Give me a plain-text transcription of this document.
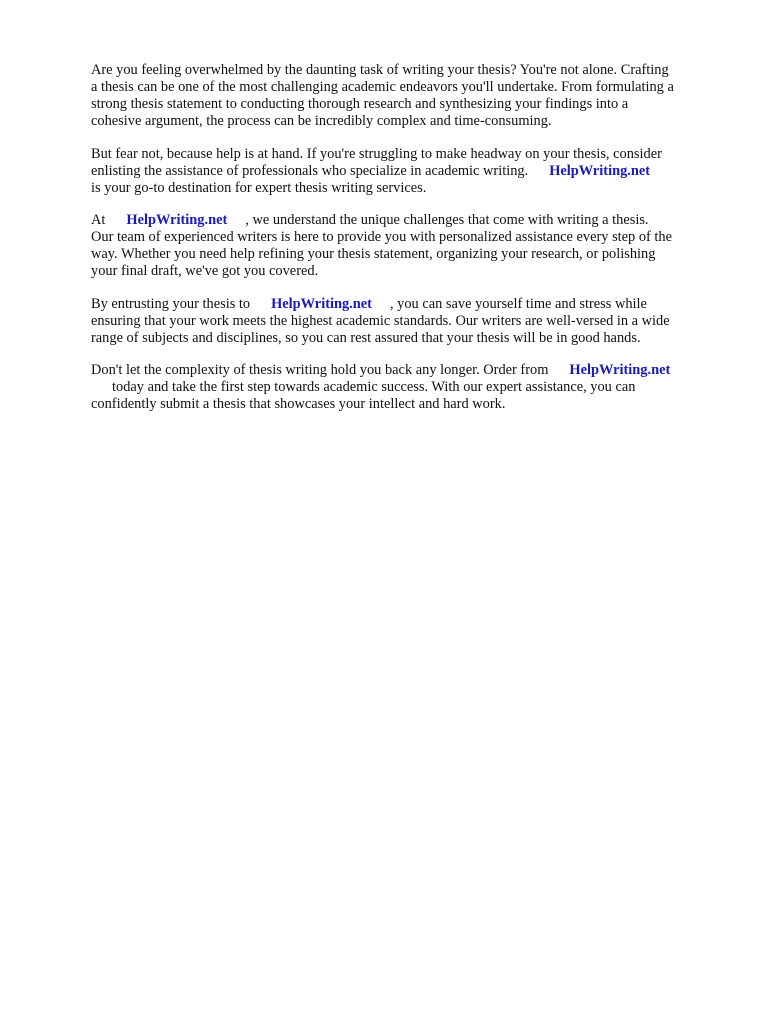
Are you feeling overwhelmed by the daunting task of writing your thesis? You're not alone. Crafting
a thesis can be one of the most challenging academic endeavors you'll undertake. From formulating a
strong thesis statement to conducting thorough research and synthesizing your findings into a
cohesive argument, the process can be incredibly complex and time-consuming.

But fear not, because help is at hand. If you're struggling to make headway on your thesis, consider
enlisting the assistance of professionals who specialize in academic writing. HelpWriting.net
is your go-to destination for expert thesis writing services.

At HelpWriting.net , we understand the unique challenges that come with writing a thesis.
Our team of experienced writers is here to provide you with personalized assistance every step of the
way. Whether you need help refining your thesis statement, organizing your research, or polishing
your final draft, we've got you covered.

By entrusting your thesis to HelpWriting.net , you can save yourself time and stress while
ensuring that your work meets the highest academic standards. Our writers are well-versed in a wide
range of subjects and disciplines, so you can rest assured that your thesis will be in good hands.

Don't let the complexity of thesis writing hold you back any longer. Order from HelpWriting.net
today and take the first step towards academic success. With our expert assistance, you can
confidently submit a thesis that showcases your intellect and hard work.
